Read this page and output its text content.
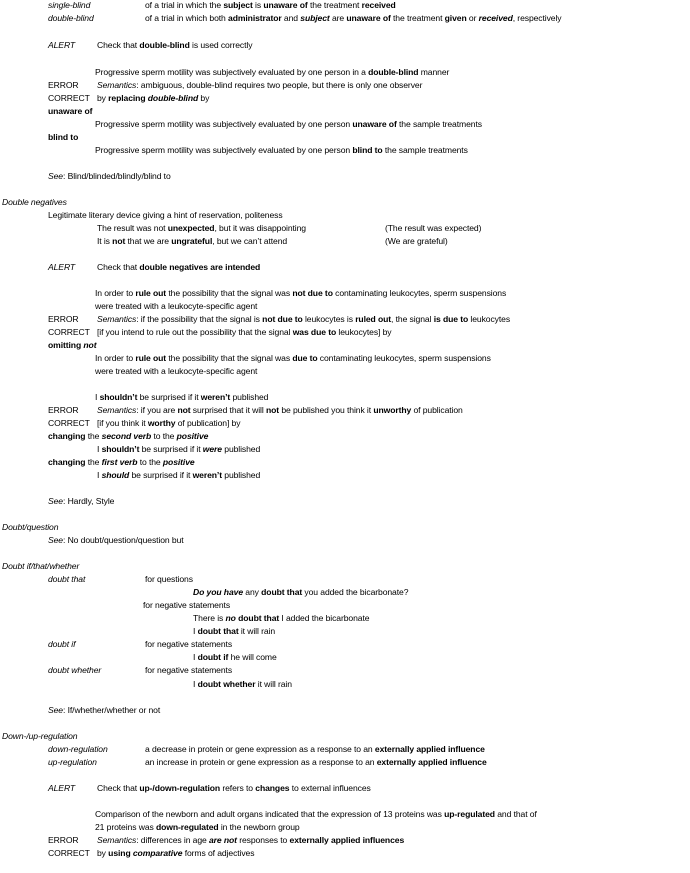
single-blind	of a trial in which the subject is unaware of the treatment received
double-blind	of a trial in which both administrator and subject are unaware of the treatment given or received, respectively
ALERT	Check that double-blind is used correctly
Progressive sperm motility was subjectively evaluated by one person in a double-blind manner
ERROR Semantics: ambiguous, double-blind requires two people, but there is only one observer
CORRECT by replacing double-blind by
unaware of
Progressive sperm motility was subjectively evaluated by one person unaware of the sample treatments
blind to
Progressive sperm motility was subjectively evaluated by one person blind to the sample treatments
See: Blind/blinded/blindly/blind to
Double negatives
Legitimate literary device giving a hint of reservation, politeness
The result was not unexpected, but it was disappointing	(The result was expected)
It is not that we are ungrateful, but we can’t attend	(We are grateful)
ALERT	Check that double negatives are intended
In order to rule out the possibility that the signal was not due to contaminating leukocytes, sperm suspensions
were treated with a leukocyte-specific agent
ERROR Semantics: if the possibility that the signal is not due to leukocytes is ruled out, the signal is due to leukocytes
CORRECT [if you intend to rule out the possibility that the signal was due to leukocytes] by
omitting not
In order to rule out the possibility that the signal was due to contaminating leukocytes, sperm suspensions
were treated with a leukocyte-specific agent
I shouldn’t be surprised if it weren’t published
ERROR Semantics: if you are not surprised that it will not be published you think it unworthy of publication
CORRECT [if you think it worthy of publication] by
changing the second verb to the positive
I shouldn’t be surprised if it were published
changing the first verb to the positive
I should be surprised if it weren’t published
See: Hardly, Style
Doubt/question
See: No doubt/question/question but
Doubt if/that/whether
doubt that	for questions
Do you have any doubt that you added the bicarbonate?
for negative statements
There is no doubt that I added the bicarbonate
I doubt that it will rain
doubt if	for negative statements
I doubt if he will come
doubt whether	for negative statements
I doubt whether it will rain
See: If/whether/whether or not
Down-/up-regulation
down-regulation	a decrease in protein or gene expression as a response to an externally applied influence
up-regulation	an increase in protein or gene expression as a response to an externally applied influence
ALERT	Check that up-/down-regulation refers to changes to external influences
Comparison of the newborn and adult organs indicated that the expression of 13 proteins was up-regulated and that of
21 proteins was down-regulated in the newborn group
ERROR Semantics: differences in age are not responses to externally applied influences
CORRECT by using comparative forms of adjectives
